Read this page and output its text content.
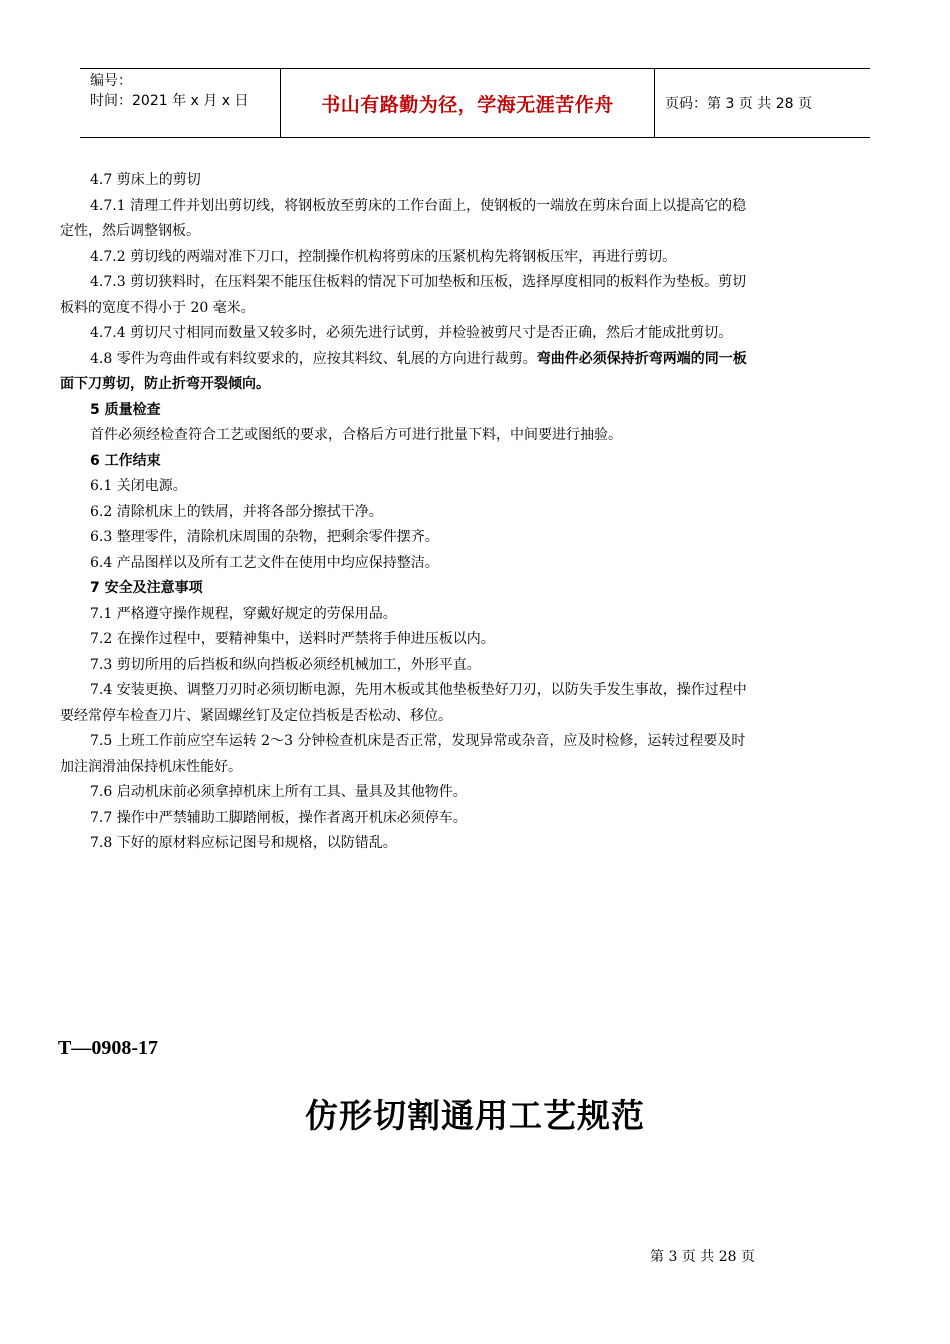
编号：
时间：2021 年 x 月 x 日	书山有路勤为径，学海无涯苦作舟	页码：第 3 页 共 28 页

4.7 剪床上的剪切

4.7.1 清理工件并划出剪切线，将钢板放至剪床的工作台面上，使钢板的一端放在剪床台面上以提高它的稳

定性，然后调整钢板。

4.7.2 剪切线的两端对准下刀口，控制操作机构将剪床的压紧机构先将钢板压牢，再进行剪切。

4.7.3 剪切狭料时，在压料架不能压住板料的情况下可加垫板和压板，选择厚度相同的板料作为垫板。剪切

板料的宽度不得小于 20 毫米。

4.7.4 剪切尺寸相同而数量又较多时，必须先进行试剪，并检验被剪尺寸是否正确，然后才能成批剪切。

4.8 零件为弯曲件或有料纹要求的，应按其料纹、轧展的方向进行裁剪。弯曲件必须保持折弯两端的同一板

面下刀剪切，防止折弯开裂倾向。

5 质量检查

首件必须经检查符合工艺或图纸的要求，合格后方可进行批量下料，中间要进行抽验。

6 工作结束

6.1 关闭电源。

6.2 清除机床上的铁屑，并将各部分擦拭干净。

6.3 整理零件，清除机床周围的杂物，把剩余零件摆齐。

6.4 产品图样以及所有工艺文件在使用中均应保持整洁。

7 安全及注意事项

7.1 严格遵守操作规程，穿戴好规定的劳保用品。

7.2 在操作过程中，要精神集中，送料时严禁将手伸进压板以内。

7.3 剪切所用的后挡板和纵向挡板必须经机械加工，外形平直。

7.4 安装更换、调整刀刃时必须切断电源，先用木板或其他垫板垫好刀刃，以防失手发生事故，操作过程中

要经常停车检查刀片、紧固螺丝钉及定位挡板是否松动、移位。

7.5 上班工作前应空车运转 2～3 分钟检查机床是否正常，发现异常或杂音，应及时检修，运转过程要及时

加注润滑油保持机床性能好。

7.6 启动机床前必须拿掉机床上所有工具、量具及其他物件。

7.7 操作中严禁辅助工脚踏闸板，操作者离开机床必须停车。

7.8 下好的原材料应标记图号和规格，以防错乱。

T—0908-17
仿形切割通用工艺规范
第 3 页 共 28 页
